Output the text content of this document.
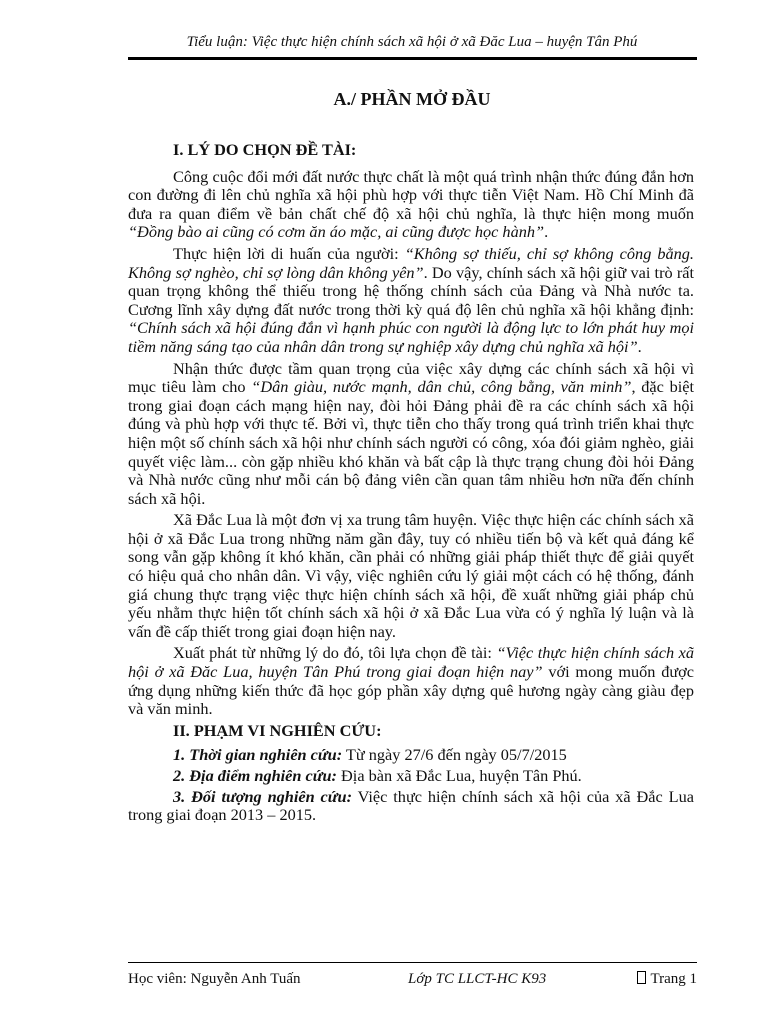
Tiểu luận: Việc thực hiện chính sách xã hội ở xã Đăc Lua – huyện Tân Phú
A./ PHẦN MỞ ĐẦU

I. LÝ DO CHỌN ĐỀ TÀI:

Công cuộc đổi mới đất nước thực chất là một quá trình nhận thức đúng đắn hơn con đường đi lên chủ nghĩa xã hội phù hợp với thực tiễn Việt Nam. Hồ Chí Minh đã đưa ra quan điểm về bản chất chế độ xã hội chủ nghĩa, là thực hiện mong muốn “Đồng bào ai cũng có cơm ăn áo mặc, ai cũng được học hành”.

Thực hiện lời di huấn của người: “Không sợ thiếu, chỉ sợ không công bằng. Không sợ nghèo, chỉ sợ lòng dân không yên”. Do vậy, chính sách xã hội giữ vai trò rất quan trọng không thể thiếu trong hệ thống chính sách của Đảng và Nhà nước ta. Cương lĩnh xây dựng đất nước trong thời kỳ quá độ lên chủ nghĩa xã hội khẳng định: “Chính sách xã hội đúng đắn vì hạnh phúc con người là động lực to lớn phát huy mọi tiềm năng sáng tạo của nhân dân trong sự nghiệp xây dựng chủ nghĩa xã hội”.

Nhận thức được tầm quan trọng của việc xây dựng các chính sách xã hội vì mục tiêu làm cho “Dân giàu, nước mạnh, dân chủ, công bằng, văn minh”, đặc biệt trong giai đoạn cách mạng hiện nay, đòi hỏi Đảng phải đề ra các chính sách xã hội đúng và phù hợp với thực tế. Bởi vì, thực tiễn cho thấy trong quá trình triển khai thực hiện một số chính sách xã hội như chính sách người có công, xóa đói giảm nghèo, giải quyết việc làm... còn gặp nhiều khó khăn và bất cập là thực trạng chung đòi hỏi Đảng và Nhà nước cũng như mỗi cán bộ đảng viên cần quan tâm nhiều hơn nữa đến chính sách xã hội.

Xã Đắc Lua là một đơn vị xa trung tâm huyện. Việc thực hiện các chính sách xã hội ở xã Đắc Lua trong những năm gần đây, tuy có nhiều tiến bộ và kết quả đáng kể song vẫn gặp không ít khó khăn, cần phải có những giải pháp thiết thực để giải quyết có hiệu quả cho nhân dân. Vì vậy, việc nghiên cứu lý giải một cách có hệ thống, đánh giá chung thực trạng việc thực hiện chính sách xã hội, đề xuất những giải pháp chủ yếu nhằm thực hiện tốt chính sách xã hội ở xã Đắc Lua vừa có ý nghĩa lý luận và là vấn đề cấp thiết trong giai đoạn hiện nay.

Xuất phát từ những lý do đó, tôi lựa chọn đề tài: “Việc thực hiện chính sách xã hội ở xã Đăc Lua, huyện Tân Phú trong giai đoạn hiện nay” với mong muốn được ứng dụng những kiến thức đã học góp phần xây dựng quê hương ngày càng giàu đẹp và văn minh.

II. PHẠM VI NGHIÊN CỨU:

1. Thời gian nghiên cứu: Từ ngày 27/6 đến ngày 05/7/2015

2. Địa điểm nghiên cứu: Địa bàn xã Đắc Lua, huyện Tân Phú.

3. Đối tượng nghiên cứu: Việc thực hiện chính sách xã hội của xã Đắc Lua trong giai đoạn 2013 – 2015.

Học viên: Nguyễn Anh Tuấn	Lớp TC LLCT-HC K93	Trang 1
